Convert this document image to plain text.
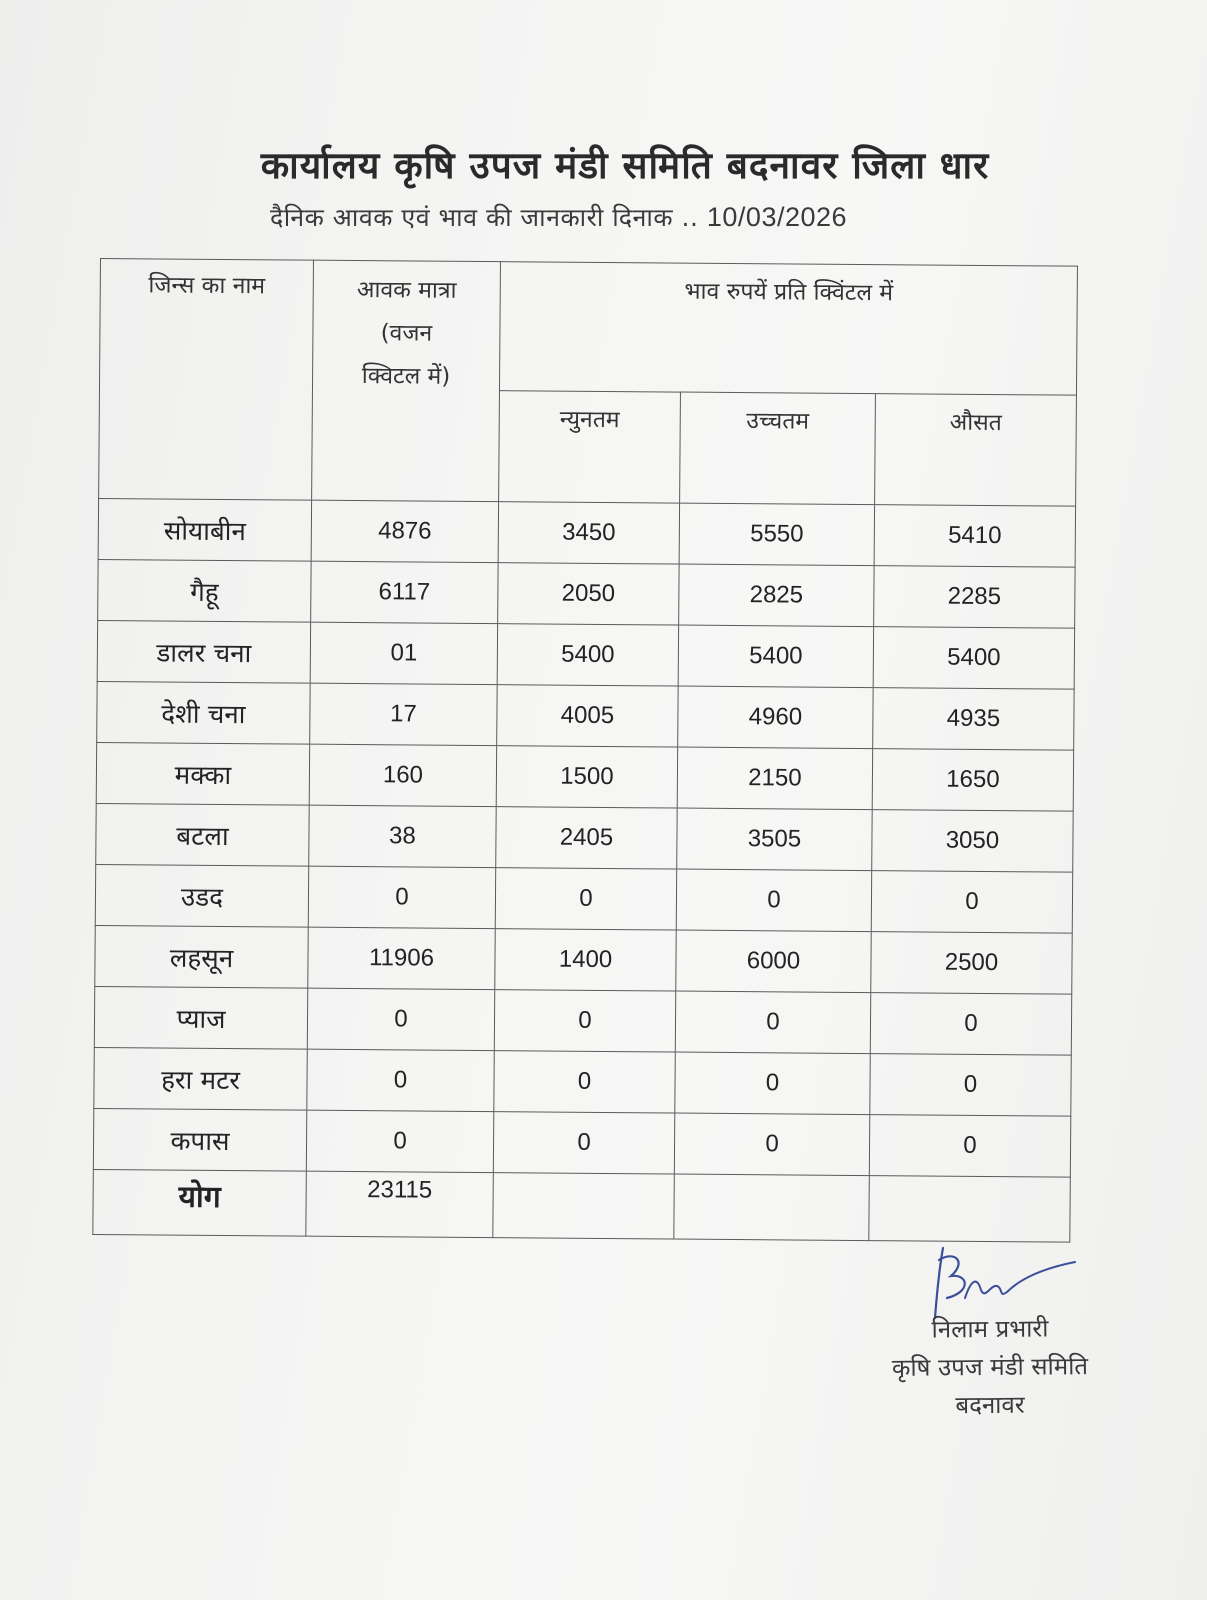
कार्यालय कृषि उपज मंडी समिति बदनावर जिला धार
दैनिक आवक एवं भाव की जानकारी दिनाक .. 10/03/2026
जिन्स का नाम	आवक मात्रा
(वजन
क्विटल में)	भाव रुपयें प्रति क्विंटल में		
		न्युनतम	उच्चतम	औसत
सोयाबीन	4876	3450	5550	5410
गैहू	6117	2050	2825	2285
डालर चना	01	5400	5400	5400
देशी चना	17	4005	4960	4935
मक्का	160	1500	2150	1650
बटला	38	2405	3505	3050
उडद	0	0	0	0
लहसून	11906	1400	6000	2500
प्याज	0	0	0	0
हरा मटर	0	0	0	0
कपास	0	0	0	0
योग	23115			
निलाम प्रभारी
कृषि उपज मंडी समिति
बदनावर
